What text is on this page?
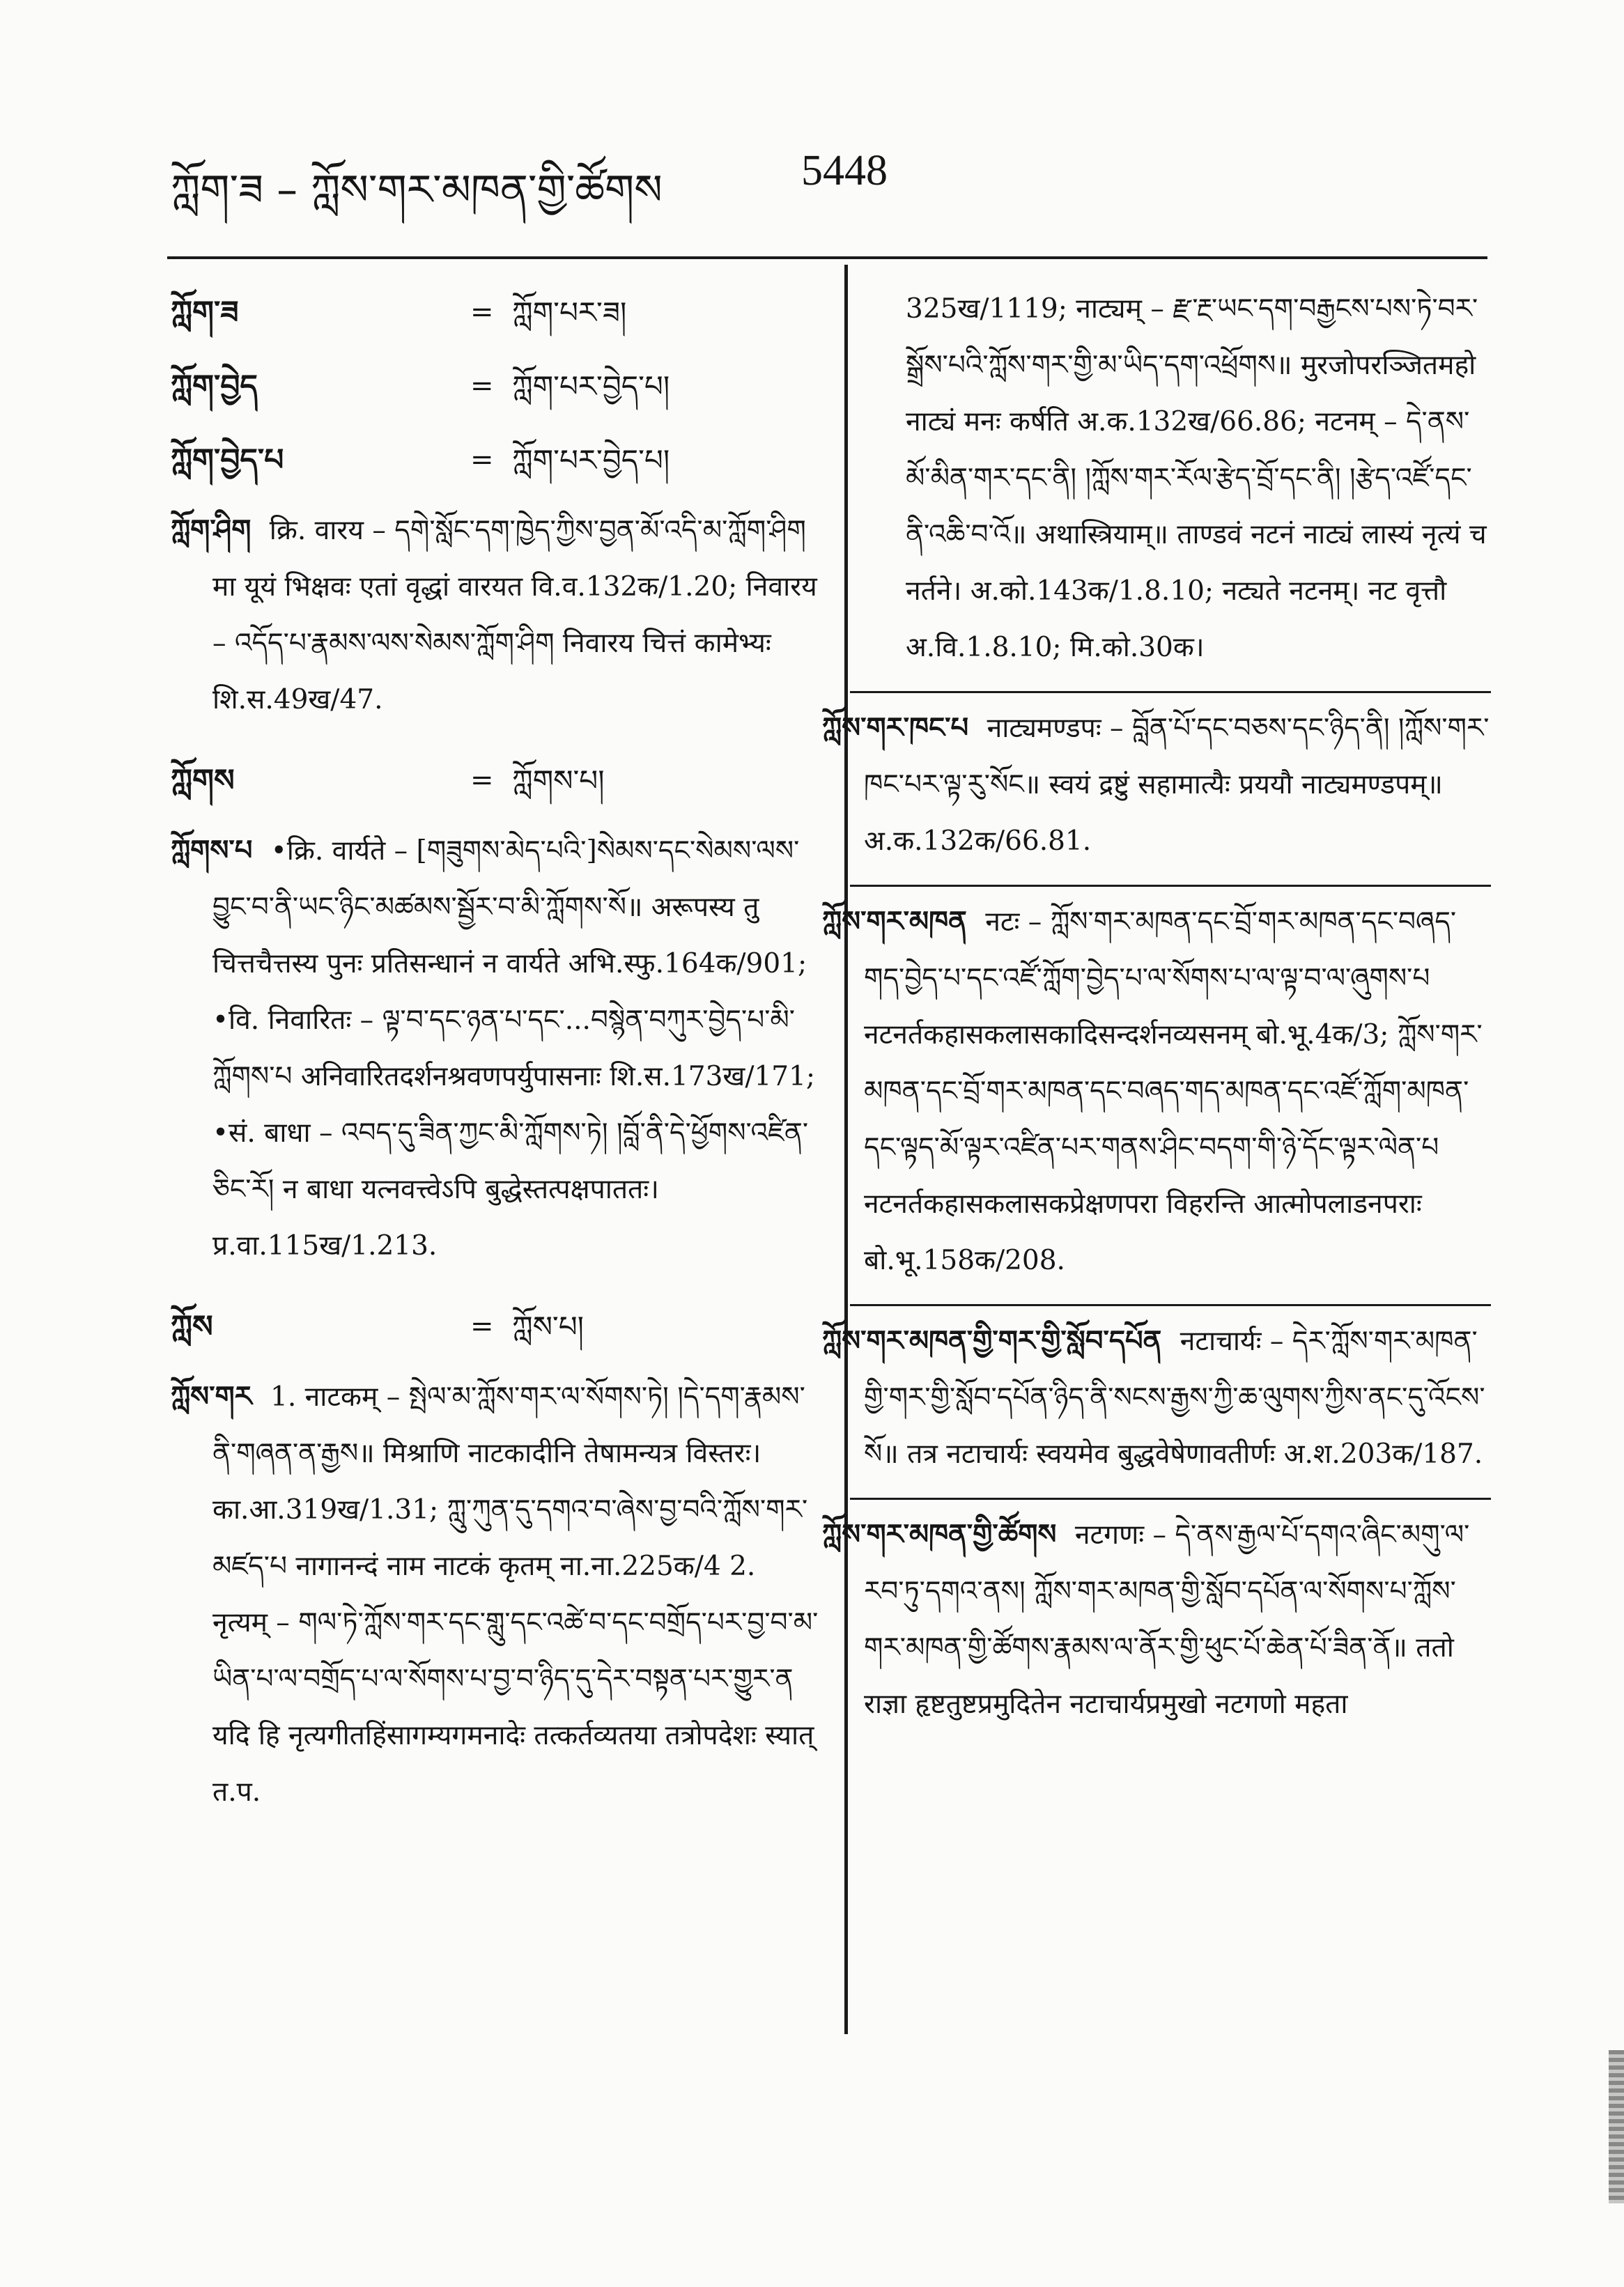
ཀློག་ཟ – ཀློས་གར་མཁན་གྱི་ཚོགས	5448
ཀློག་ཟ	= ཀློག་པར་ཟ།
ཀློག་བྱེད	= ཀློག་པར་བྱེད་པ།
ཀློག་བྱེད་པ	= ཀློག་པར་བྱེད་པ།
ཀློག་ཤིག क्रि. वारय – དགེ་སློང་དག་ཁྱེད་ཀྱིས་བྱན་མོ་འདི་མ་ཀློག་ཤིག मा यूयं भिक्षवः एतां वृद्धां वारयत वि.व.132क/1.20; निवारय – འདོད་པ་རྣམས་ལས་སེམས་ཀློག་ཤིག निवारय चित्तं कामेभ्यः शि.स.49ख/47.
ཀློགས	= ཀློགས་པ།
ཀློགས་པ •क्रि. वार्यते – [གཟུགས་མེད་པའི་]སེམས་དང་སེམས་ལས་བྱུང་བ་ནི་ཡང་ཉིང་མཚམས་སྦྱོར་བ་མི་ཀློགས་སོ॥ अरूपस्य तु चित्तचैत्तस्य पुनः प्रतिसन्धानं न वार्यते अभि.स्फु.164क/901; •वि. निवारितः – ལྟ་བ་དང་ཉན་པ་དང་...བསྙེན་བཀུར་བྱེད་པ་མི་ཀློགས་པ अनिवारितदर्शनश्रवणपर्युपासनाः शि.स.173ख/171; •सं. बाधा – འབད་དུ་ཟིན་ཀྱང་མི་ཀློགས་ཏེ། །བློ་ནི་དེ་ཕྱོགས་འཛིན་ཅིང་རོ། न बाधा यत्नवत्त्वेऽपि बुद्धेस्तत्पक्षपाततः। प्र.वा.115ख/1.213.
ཀློས	= ཀློས་པ།
ཀློས་གར 1. नाटकम् – སྤེལ་མ་ཀློས་གར་ལ་སོགས་ཏེ། །དེ་དག་རྣམས་ནི་གཞན་ན་རྒྱས॥ मिश्राणि नाटकादीनि तेषामन्यत्र विस्तरः। का.आ.319ख/1.31; ཀླུ་ཀུན་དུ་དགའ་བ་ཞེས་བྱ་བའི་ཀློས་གར་མཛད་པ नागानन्दं नाम नाटकं कृतम् ना.ना.225क/4 2. नृत्यम् – གལ་ཏེ་ཀློས་གར་དང་གླུ་དང་འཚེ་བ་དང་བགྲོད་པར་བྱ་བ་མ་ཡིན་པ་ལ་བགྲོད་པ་ལ་སོགས་པ་བྱ་བ་ཉིད་དུ་དེར་བསྟན་པར་གྱུར་ན यदि हि नृत्यगीतहिंसागम्यगमनादेः तत्कर्तव्यतया तत्रोपदेशः स्यात् त.प.
325ख/1119; नाट्यम् – རྫ་རྔ་ཡང་དག་བརྒྱངས་པས་ཏེ་བར་སྒྲོས་པའི་ཀློས་གར་གྱི་མ་ཡིད་དག་འཕྲོགས॥ मुरजोपरञ्जितमहो नाट्यं मनः कर्षति अ.क.132ख/66.86; नटनम् – དེ་ནས་མོ་མིན་གར་དང་ནི། །ཀློས་གར་རོལ་རྩེད་བྲོ་དང་ནི། །རྩེད་འཛོ་དང་ནི་འཆི་བ་འོ॥ अथास्त्रियाम्॥ ताण्डवं नटनं नाट्यं लास्यं नृत्यं च नर्तने। अ.को.143क/1.8.10; नट्यते नटनम्। नट वृत्तौ अ.वि.1.8.10; मि.को.30क।
ཀློས་གར་ཁང་པ नाट्यमण्डपः – བློན་པོ་དང་བཅས་དང་ཉིད་ནི། །ཀློས་གར་ཁང་པར་ལྟ་རུ་སོང॥ स्वयं द्रष्टुं सहामात्यैः प्रययौ नाट्यमण्डपम्॥ अ.क.132क/66.81.
ཀློས་གར་མཁན नटः – ཀློས་གར་མཁན་དང་བྲོ་གར་མཁན་དང་བཞད་གད་བྱེད་པ་དང་འཛོ་ཀློག་བྱེད་པ་ལ་སོགས་པ་ལ་ལྟ་བ་ལ་ཞུགས་པ नटनर्तकहासकलासकादिसन्दर्शनव्यसनम् बो.भू.4क/3; ཀློས་གར་མཁན་དང་བྲོ་གར་མཁན་དང་བཞད་གད་མཁན་དང་འཛོ་ཀློག་མཁན་དང་ལྟད་མོ་ལྟར་འཛིན་པར་གནས་ཤིང་བདག་གི་ཉེ་དོང་ལྟར་ལེན་པ नटनर्तकहासकलासकप्रेक्षणपरा विहरन्ति आत्मोपलाडनपराः बो.भू.158क/208.
ཀློས་གར་མཁན་གྱི་གར་གྱི་སློབ་དཔོན नटाचार्यः – དེར་ཀློས་གར་མཁན་གྱི་གར་གྱི་སློབ་དཔོན་ཉིད་ནི་སངས་རྒྱས་ཀྱི་ཆ་ལུགས་ཀྱིས་ནང་དུ་འོངས་སོ॥ तत्र नटाचार्यः स्वयमेव बुद्धवेषेणावतीर्णः अ.श.203क/187.
ཀློས་གར་མཁན་གྱི་ཚོགས नटगणः – དེ་ནས་རྒྱལ་པོ་དགའ་ཞིང་མགུ་ལ་རབ་ཏུ་དགའ་ནས། ཀློས་གར་མཁན་གྱི་སློབ་དཔོན་ལ་སོགས་པ་ཀློས་གར་མཁན་གྱི་ཚོགས་རྣམས་ལ་ནོར་གྱི་ཕུང་པོ་ཆེན་པོ་ཟིན་ནོ॥ ततो राज्ञा हृष्टतुष्टप्रमुदितेन नटाचार्यप्रमुखो नटगणो महता
